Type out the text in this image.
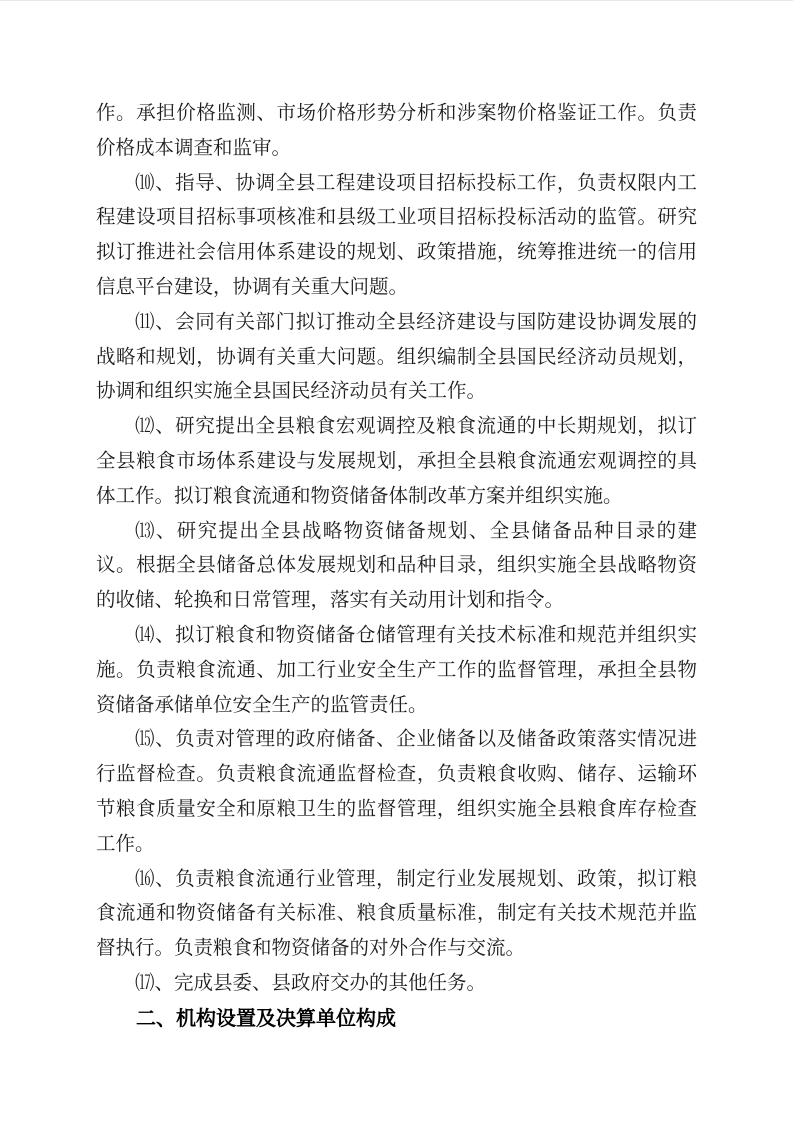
作。承担价格监测、市场价格形势分析和涉案物价格鉴证工作。负责价格成本调查和监审。

⑽、指导、协调全县工程建设项目招标投标工作，负责权限内工程建设项目招标事项核准和县级工业项目招标投标活动的监管。研究拟订推进社会信用体系建设的规划、政策措施，统筹推进统一的信用信息平台建设，协调有关重大问题。

⑾、会同有关部门拟订推动全县经济建设与国防建设协调发展的战略和规划，协调有关重大问题。组织编制全县国民经济动员规划，协调和组织实施全县国民经济动员有关工作。

⑿、研究提出全县粮食宏观调控及粮食流通的中长期规划，拟订全县粮食市场体系建设与发展规划，承担全县粮食流通宏观调控的具体工作。拟订粮食流通和物资储备体制改革方案并组织实施。

⒀、研究提出全县战略物资储备规划、全县储备品种目录的建议。根据全县储备总体发展规划和品种目录，组织实施全县战略物资的收储、轮换和日常管理，落实有关动用计划和指令。

⒁、拟订粮食和物资储备仓储管理有关技术标准和规范并组织实施。负责粮食流通、加工行业安全生产工作的监督管理，承担全县物资储备承储单位安全生产的监管责任。

⒂、负责对管理的政府储备、企业储备以及储备政策落实情况进行监督检查。负责粮食流通监督检查，负责粮食收购、储存、运输环节粮食质量安全和原粮卫生的监督管理，组织实施全县粮食库存检查工作。

⒃、负责粮食流通行业管理，制定行业发展规划、政策，拟订粮食流通和物资储备有关标准、粮食质量标准，制定有关技术规范并监督执行。负责粮食和物资储备的对外合作与交流。

⒄、完成县委、县政府交办的其他任务。

二、机构设置及决算单位构成
